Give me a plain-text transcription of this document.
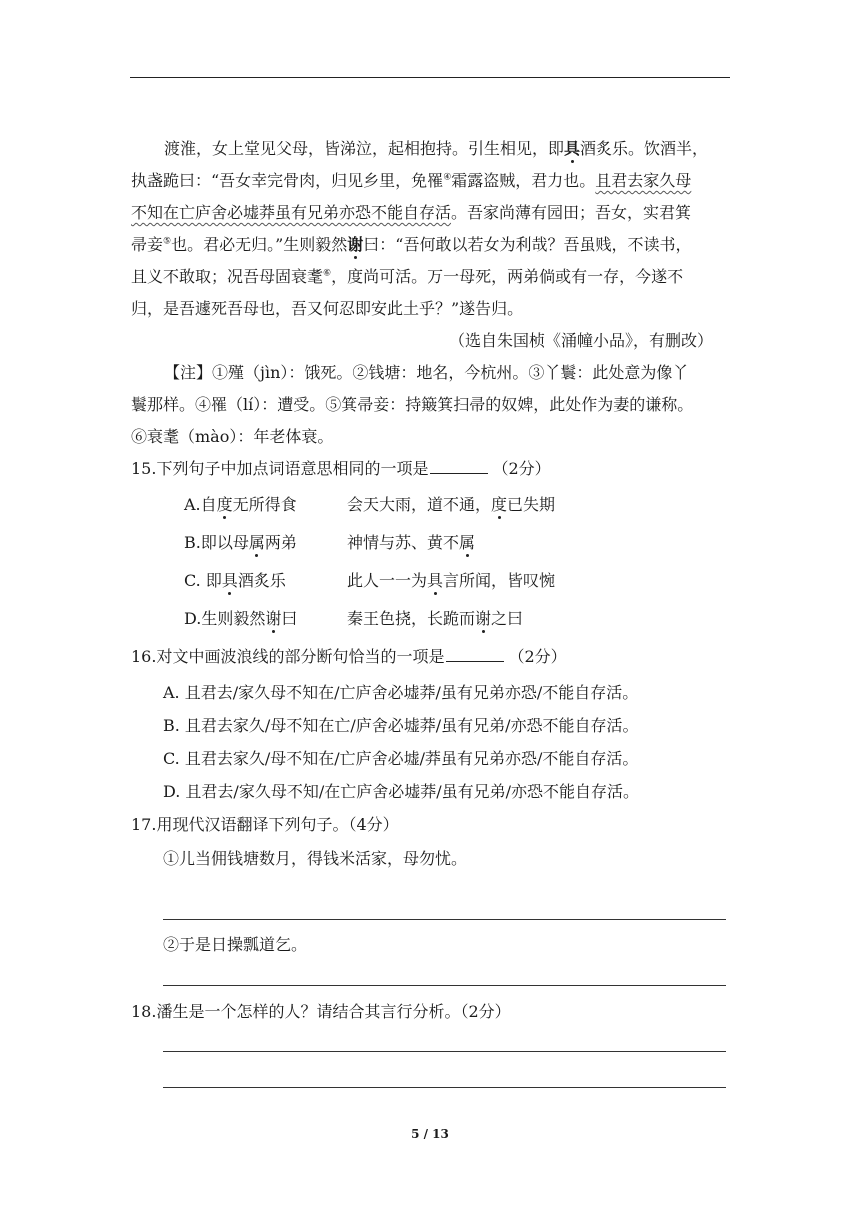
渡淮，女上堂见父母，皆涕泣，起相抱持。引生相见，即具酒炙乐。饮酒半，
执盏跪曰：“吾女幸完骨肉，归见乡里，免罹④霜露盗贼，君力也。且君去家久母
不知在亡庐舍必墟莽虽有兄弟亦恐不能自存活。吾家尚薄有园田；吾女，实君箕
帚妾⑤也。君必无归。”生则毅然谢曰：“吾何敢以若女为利哉？吾虽贱，不读书，
且义不敢取；况吾母固衰耄⑥，度尚可活。万一母死，两弟倘或有一存，今遂不
归，是吾遽死吾母也，吾又何忍即安此土乎？”遂告归。
（选自朱国桢《涌幢小品》，有删改）
【注】①殣（jìn）：饿死。②钱塘：地名，今杭州。③丫鬟：此处意为像丫
鬟那样。④罹（lí）：遭受。⑤箕帚妾：持簸箕扫帚的奴婢，此处作为妻的谦称。
⑥衰耄（mào）：年老体衰。
15.下列句子中加点词语意思相同的一项是	（2分）
A.自度无所得食	会天大雨，道不通，度已失期
B.即以母属两弟	神情与苏、黄不属
C. 即具酒炙乐	此人一一为具言所闻，皆叹惋
D.生则毅然谢曰	秦王色挠，长跪而谢之曰
16.对文中画波浪线的部分断句恰当的一项是	（2分）
A. 且君去/家久母不知在/亡庐舍必墟莽/虽有兄弟亦恐/不能自存活。
B. 且君去家久/母不知在亡/庐舍必墟莽/虽有兄弟/亦恐不能自存活。
C. 且君去家久/母不知在/亡庐舍必墟/莽虽有兄弟亦恐/不能自存活。
D. 且君去/家久母不知/在亡庐舍必墟莽/虽有兄弟/亦恐不能自存活。
17.用现代汉语翻译下列句子。（4分）
①儿当佣钱塘数月，得钱米活家，母勿忧。
②于是日操瓢道乞。
18.潘生是一个怎样的人？请结合其言行分析。（2分）
5 / 13
